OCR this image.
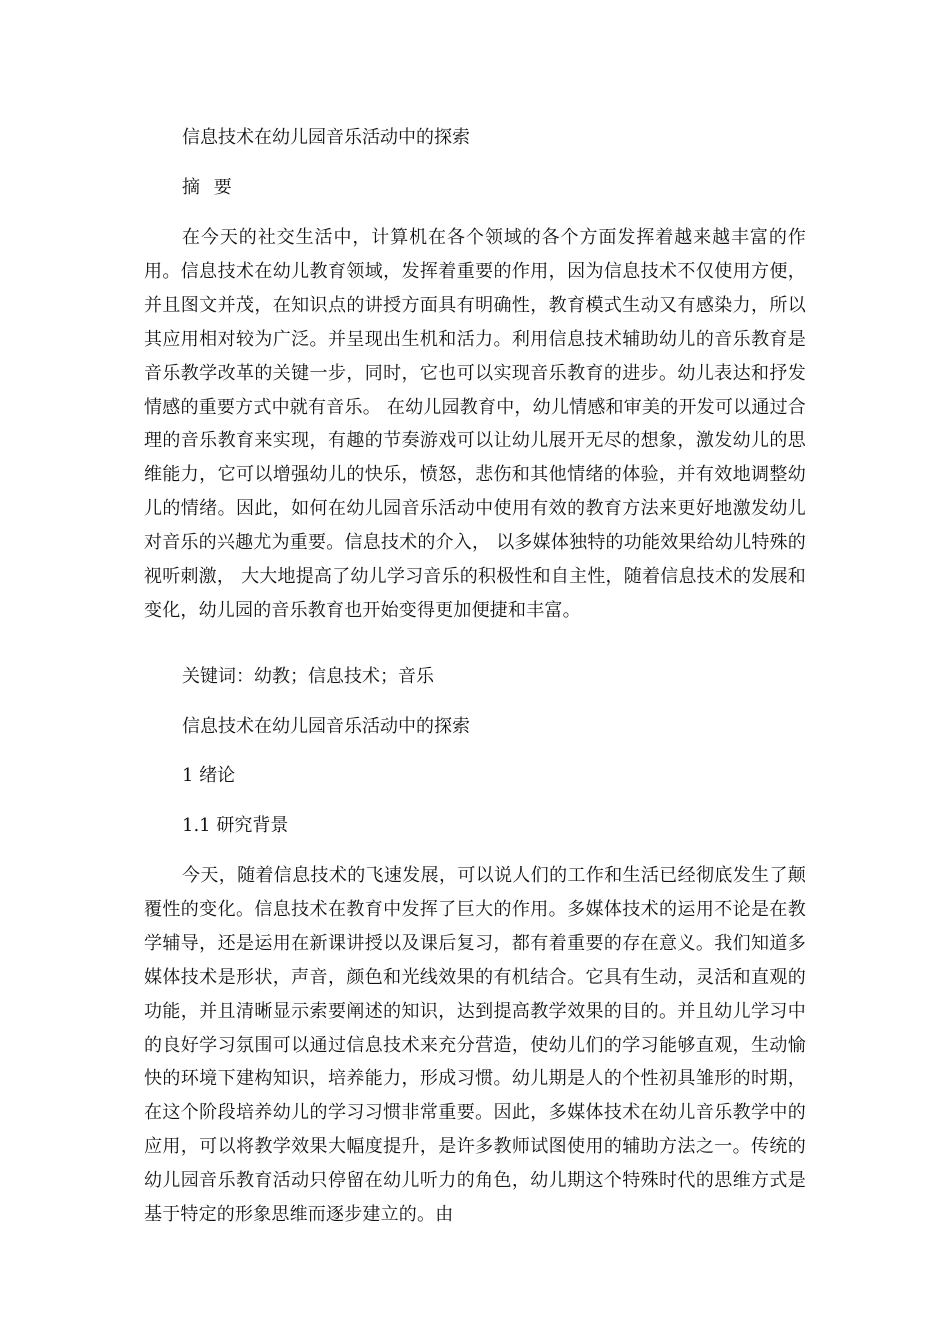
信息技术在幼儿园音乐活动中的探索
摘 要
在今天的社交生活中，计算机在各个领域的各个方面发挥着越来越丰富的作用。信息技术在幼儿教育领域，发挥着重要的作用，因为信息技术不仅使用方便，并且图文并茂，在知识点的讲授方面具有明确性，教育模式生动又有感染力，所以其应用相对较为广泛。并呈现出生机和活力。利用信息技术辅助幼儿的音乐教育是音乐教学改革的关键一步，同时，它也可以实现音乐教育的进步。幼儿表达和抒发情感的重要方式中就有音乐。 在幼儿园教育中，幼儿情感和审美的开发可以通过合理的音乐教育来实现，有趣的节奏游戏可以让幼儿展开无尽的想象，激发幼儿的思维能力，它可以增强幼儿的快乐，愤怒，悲伤和其他情绪的体验，并有效地调整幼儿的情绪。因此，如何在幼儿园音乐活动中使用有效的教育方法来更好地激发幼儿对音乐的兴趣尤为重要。信息技术的介入， 以多媒体独特的功能效果给幼儿特殊的视听刺激， 大大地提高了幼儿学习音乐的积极性和自主性，随着信息技术的发展和变化，幼儿园的音乐教育也开始变得更加便捷和丰富。
关键词：幼教；信息技术；音乐
信息技术在幼儿园音乐活动中的探索
1 绪论
1.1 研究背景
今天，随着信息技术的飞速发展，可以说人们的工作和生活已经彻底发生了颠覆性的变化。信息技术在教育中发挥了巨大的作用。多媒体技术的运用不论是在教学辅导，还是运用在新课讲授以及课后复习，都有着重要的存在意义。我们知道多媒体技术是形状，声音，颜色和光线效果的有机结合。它具有生动，灵活和直观的功能，并且清晰显示索要阐述的知识，达到提高教学效果的目的。并且幼儿学习中的良好学习氛围可以通过信息技术来充分营造，使幼儿们的学习能够直观，生动愉快的环境下建构知识，培养能力，形成习惯。幼儿期是人的个性初具雏形的时期，在这个阶段培养幼儿的学习习惯非常重要。因此，多媒体技术在幼儿音乐教学中的应用，可以将教学效果大幅度提升，是许多教师试图使用的辅助方法之一。传统的幼儿园音乐教育活动只停留在幼儿听力的角色，幼儿期这个特殊时代的思维方式是基于特定的形象思维而逐步建立的。由
